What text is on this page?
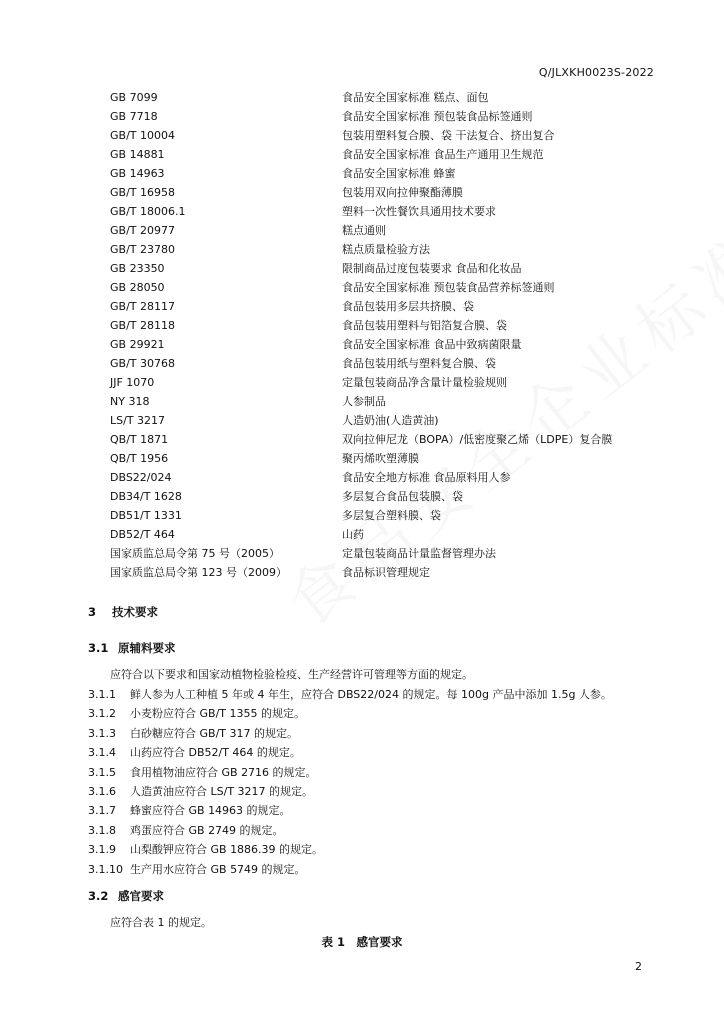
Q/JLXKH0023S-2022
GB 7099	食品安全国家标准 糕点、面包
GB 7718	食品安全国家标准 预包装食品标签通则
GB/T 10004	包装用塑料复合膜、袋 干法复合、挤出复合
GB 14881	食品安全国家标准 食品生产通用卫生规范
GB 14963	食品安全国家标准 蜂蜜
GB/T 16958	包装用双向拉伸聚酯薄膜
GB/T 18006.1	塑料一次性餐饮具通用技术要求
GB/T 20977	糕点通则
GB/T 23780	糕点质量检验方法
GB 23350	限制商品过度包装要求 食品和化妆品
GB 28050	食品安全国家标准 预包装食品营养标签通则
GB/T 28117	食品包装用多层共挤膜、袋
GB/T 28118	食品包装用塑料与铝箔复合膜、袋
GB 29921	食品安全国家标准 食品中致病菌限量
GB/T 30768	食品包装用纸与塑料复合膜、袋
JJF 1070	定量包装商品净含量计量检验规则
NY 318	人参制品
LS/T 3217	人造奶油(人造黄油)
QB/T 1871	双向拉伸尼龙（BOPA）/低密度聚乙烯（LDPE）复合膜
QB/T 1956	聚丙烯吹塑薄膜
DBS22/024	食品安全地方标准 食品原料用人参
DB34/T 1628	多层复合食品包装膜、袋
DB51/T 1331	多层复合塑料膜、袋
DB52/T 464	山药
国家质监总局令第 75 号（2005）	定量包装商品计量监督管理办法
国家质监总局令第 123 号（2009）	食品标识管理规定
3 技术要求
3.1 原辅料要求
应符合以下要求和国家动植物检验检疫、生产经营许可管理等方面的规定。
3.1.1 鲜人参为人工种植 5 年或 4 年生，应符合 DBS22/024 的规定。每 100g 产品中添加 1.5g 人参。
3.1.2 小麦粉应符合 GB/T 1355 的规定。
3.1.3 白砂糖应符合 GB/T 317 的规定。
3.1.4 山药应符合 DB52/T 464 的规定。
3.1.5 食用植物油应符合 GB 2716 的规定。
3.1.6 人造黄油应符合 LS/T 3217 的规定。
3.1.7 蜂蜜应符合 GB 14963 的规定。
3.1.8 鸡蛋应符合 GB 2749 的规定。
3.1.9 山梨酸钾应符合 GB 1886.39 的规定。
3.1.10 生产用水应符合 GB 5749 的规定。
3.2 感官要求
应符合表 1 的规定。
表 1　感官要求
2
